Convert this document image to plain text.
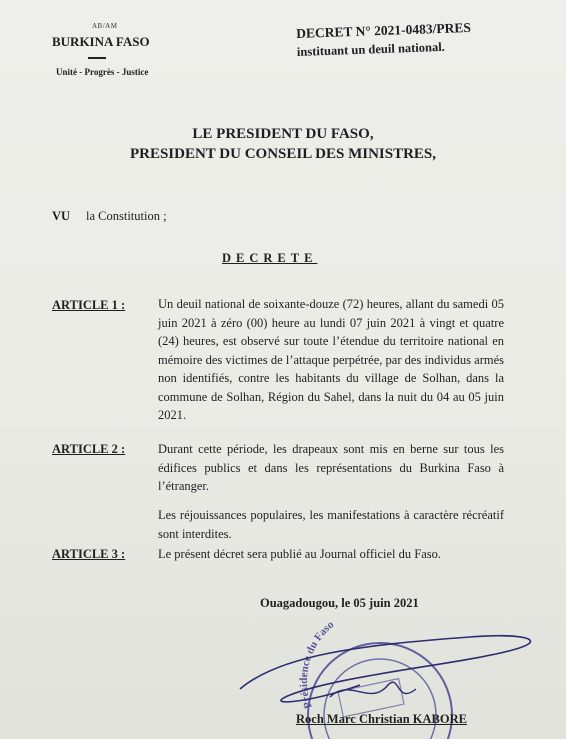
AB/AM
BURKINA FASO
Unité - Progrès - Justice
DECRET N° 2021-0483/PRES
instituant un deuil national.
LE PRESIDENT DU FASO,
PRESIDENT DU CONSEIL DES MINISTRES,
VU la Constitution ;
DECRETE
ARTICLE 1 :	Un deuil national de soixante-douze (72) heures, allant du samedi 05 juin 2021 à zéro (00) heure au lundi 07 juin 2021 à vingt et quatre (24) heures, est observé sur toute l’étendue du territoire national en mémoire des victimes de l’attaque perpétrée, par des individus armés non identifiés, contre les habitants du village de Solhan, dans la commune de Solhan, Région du Sahel, dans la nuit du 04 au 05 juin 2021.
ARTICLE 2 :	Durant cette période, les drapeaux sont mis en berne sur tous les édifices publics et dans les représentations du Burkina Faso à l’étranger.
Les réjouissances populaires, les manifestations à caractère récréatif sont interdites.
ARTICLE 3 :	Le présent décret sera publié au Journal officiel du Faso.
Ouagadougou, le 05 juin 2021
Présidence du Faso
Roch Marc Christian KABORE
